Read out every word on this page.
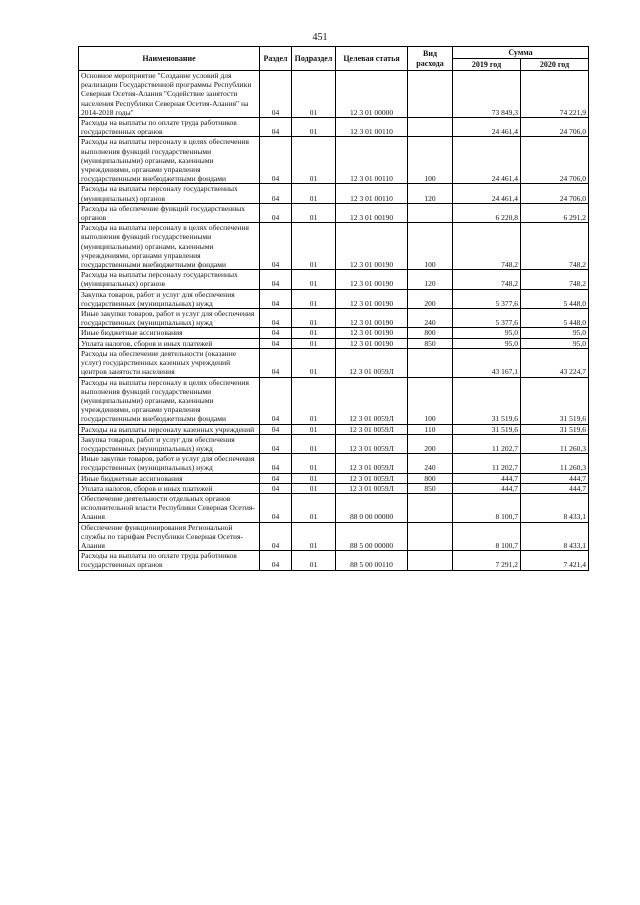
451
Наименование	Раздел	Подраздел	Целевая статья	Вид расхода	Сумма	
					2019 год	2020 год
Основное мероприятие "Создание условий для реализации Государственной программы Республики Северная Осетия-Алания "Содействие занятости населения Республики Северная Осетия-Алания" на 2014-2018 годы"	04	01	12 3 01 00000		73 849,3	74 221,9
Расходы на выплаты по оплате труда работников государственных органов	04	01	12 3 01 00110		24 461,4	24 706,0
Расходы на выплаты персоналу в целях обеспечения выполнения функций государственными (муниципальными) органами, казенными учреждениями, органами управления государственными внебюджетными фондами	04	01	12 3 01 00110	100	24 461,4	24 706,0
Расходы на выплаты персоналу государственных (муниципальных) органов	04	01	12 3 01 00110	120	24 461,4	24 706,0
Расходы на обеспечение функций государственных органов	04	01	12 3 01 00190		6 220,8	6 291,2
Расходы на выплаты персоналу в целях обеспечения выполнения функций государственными (муниципальными) органами, казенными учреждениями, органами управления государственными внебюджетными фондами	04	01	12 3 01 00190	100	748,2	748,2
Расходы на выплаты персоналу государственных (муниципальных) органов	04	01	12 3 01 00190	120	748,2	748,2
Закупка товаров, работ и услуг для обеспечения государственных (муниципальных) нужд	04	01	12 3 01 00190	200	5 377,6	5 448,0
Иные закупки товаров, работ и услуг для обеспечения государственных (муниципальных) нужд	04	01	12 3 01 00190	240	5 377,6	5 448,0
Иные бюджетные ассигнования	04	01	12 3 01 00190	800	95,0	95,0
Уплата налогов, сборов и иных платежей	04	01	12 3 01 00190	850	95,0	95,0
Расходы на обеспечение деятельности (оказание услуг) государственных казенных учреждений центров занятости населения	04	01	12 3 01 0059Л		43 167,1	43 224,7
Расходы на выплаты персоналу в целях обеспечения выполнения функций государственными (муниципальными) органами, казенными учреждениями, органами управления государственными внебюджетными фондами	04	01	12 3 01 0059Л	100	31 519,6	31 519,6
Расходы на выплаты персоналу казенных учреждений	04	01	12 3 01 0059Л	110	31 519,6	31 519,6
Закупка товаров, работ и услуг для обеспечения государственных (муниципальных) нужд	04	01	12 3 01 0059Л	200	11 202,7	11 260,3
Иные закупки товаров, работ и услуг для обеспечения государственных (муниципальных) нужд	04	01	12 3 01 0059Л	240	11 202,7	11 260,3
Иные бюджетные ассигнования	04	01	12 3 01 0059Л	800	444,7	444,7
Уплата налогов, сборов и иных платежей	04	01	12 3 01 0059Л	850	444,7	444,7
Обеспечение деятельности отдельных органов исполнительной власти Республики Северная Осетия-Алания	04	01	88 0 00 00000		8 100,7	8 433,1
Обеспечение функционирования Региональной службы по тарифам Республики Северная Осетия-Алания	04	01	88 5 00 00000		8 100,7	8 433,1
Расходы на выплаты по оплате труда работников государственных органов	04	01	88 5 00 00110		7 291,2	7 421,4
